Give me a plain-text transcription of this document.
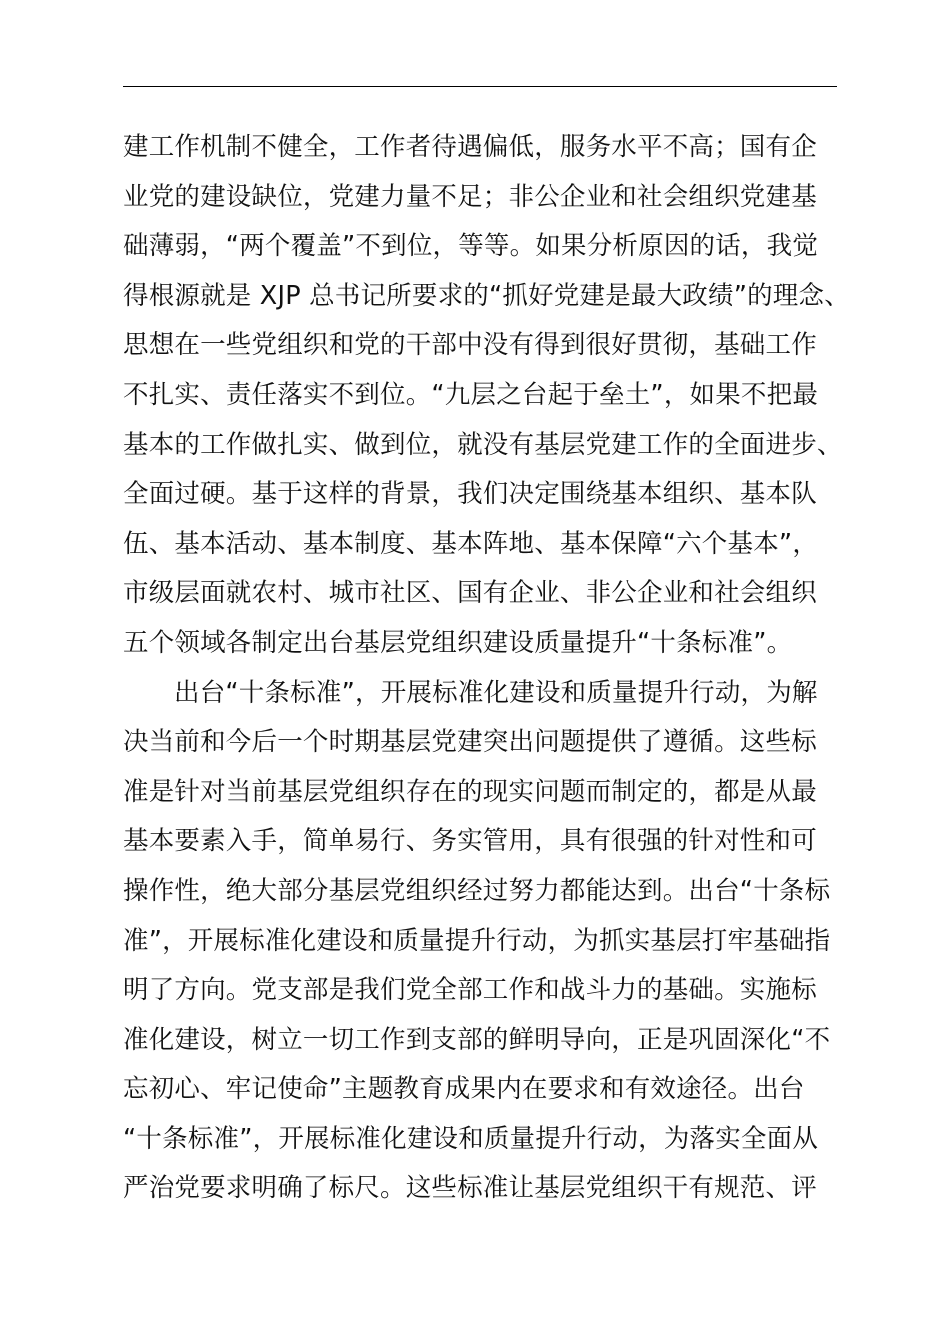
建工作机制不健全，工作者待遇偏低，服务水平不高；国有企
业党的建设缺位，党建力量不足；非公企业和社会组织党建基
础薄弱，“两个覆盖”不到位，等等。如果分析原因的话，我觉
得根源就是 XJP 总书记所要求的“抓好党建是最大政绩”的理念、
思想在一些党组织和党的干部中没有得到很好贯彻，基础工作
不扎实、责任落实不到位。“九层之台起于垒土”，如果不把最
基本的工作做扎实、做到位，就没有基层党建工作的全面进步、
全面过硬。基于这样的背景，我们决定围绕基本组织、基本队
伍、基本活动、基本制度、基本阵地、基本保障“六个基本”，
市级层面就农村、城市社区、国有企业、非公企业和社会组织
五个领域各制定出台基层党组织建设质量提升“十条标准”。
出台“十条标准”，开展标准化建设和质量提升行动，为解
决当前和今后一个时期基层党建突出问题提供了遵循。这些标
准是针对当前基层党组织存在的现实问题而制定的，都是从最
基本要素入手，简单易行、务实管用，具有很强的针对性和可
操作性，绝大部分基层党组织经过努力都能达到。出台“十条标
准”，开展标准化建设和质量提升行动，为抓实基层打牢基础指
明了方向。党支部是我们党全部工作和战斗力的基础。实施标
准化建设，树立一切工作到支部的鲜明导向，正是巩固深化“不
忘初心、牢记使命”主题教育成果内在要求和有效途径。出台
“十条标准”，开展标准化建设和质量提升行动，为落实全面从
严治党要求明确了标尺。这些标准让基层党组织干有规范、评
